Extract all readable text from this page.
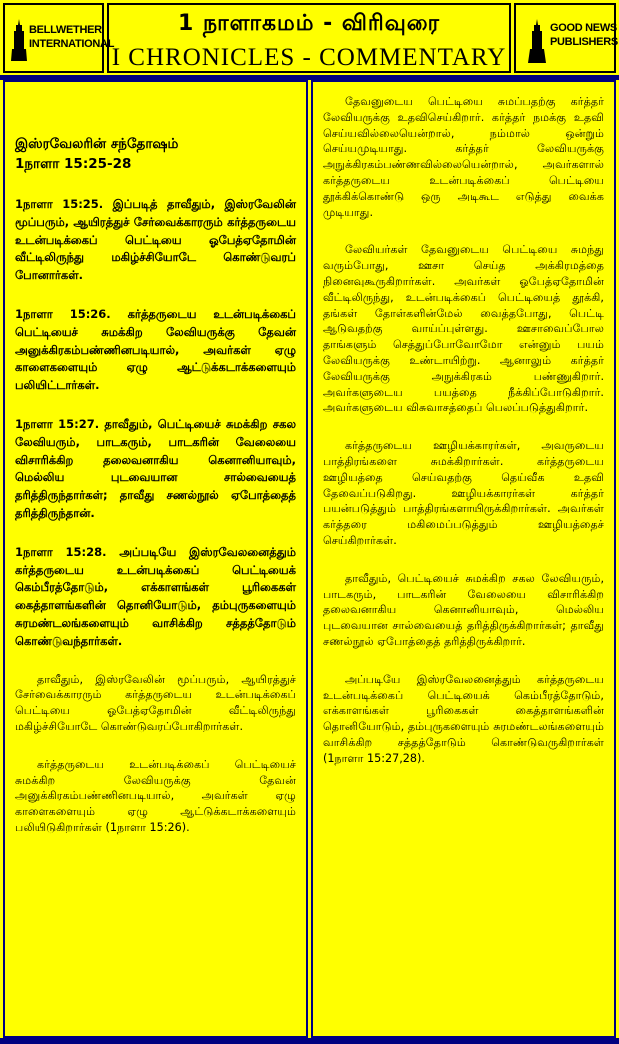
BELLWETHER
INTERNATIONAL
1 நாளாகமம் - விரிவுரை
I CHRONICLES - COMMENTARY
GOOD NEWS
PUBLISHERS
இஸ்ரவேலரின் சந்தோஷம்
1நாளா 15:25-28
1நாளா 15:25. இப்படித் தாவீதும், இஸ்ரவேலின் மூப்பரும், ஆயிரத்துச் சேர்வைக்காரரும் கர்த்தருடைய உடன்படிக்கைப் பெட்டியை ஓபேத்ஏதோமின் வீட்டிலிருந்து மகிழ்ச்சியோடே கொண்டுவரப் போனார்கள்.
1நாளா 15:26. கர்த்தருடைய உடன்படிக்கைப் பெட்டியைச் சுமக்கிற லேவியருக்கு தேவன் அனுக்கிரகம்பண்ணினபடியால், அவர்கள் ஏழு காளைகளையும் ஏழு ஆட்டுக்கடாக்களையும் பலியிட்டார்கள்.
1நாளா 15:27. தாவீதும், பெட்டியைச் சுமக்கிற சகல லேவியரும், பாடகரும், பாடகரின் வேலையை விசாரிக்கிற தலைவனாகிய கெனானியாவும், மெல்லிய புடவையான சால்வையைத் தரித்திருந்தார்கள்; தாவீது சணல்நூல் ஏபோத்தைத் தரித்திருந்தான்.
1நாளா 15:28. அப்படியே இஸ்ரவேலனைத்தும் கர்த்தருடைய உடன்படிக்கைப் பெட்டியைக் கெம்பீரத்தோடும், எக்காளங்கள் பூரிகைகள் கைத்தாளங்களின் தொனியோடும், தம்புருகளையும் சுரமண்டலங்களையும் வாசிக்கிற சத்தத்தோடும் கொண்டுவந்தார்கள்.
தாவீதும், இஸ்ரவேலின் மூப்பரும், ஆயிரத்துச் சேர்வைக்காரரும் கர்த்தருடைய உடன்படிக்கைப் பெட்டியை ஓபேத்ஏதோமின் வீட்டிலிருந்து மகிழ்ச்சியோடே கொண்டுவரப்போகிறார்கள்.
கர்த்தருடைய உடன்படிக்கைப் பெட்டியைச் சுமக்கிற லேவியருக்கு தேவன் அனுக்கிரகம்பண்ணினபடியால், அவர்கள் ஏழு காளைகளையும் ஏழு ஆட்டுக்கடாக்களையும் பலியிடுகிறார்கள் (1நாளா 15:26).
தேவனுடைய பெட்டியை சுமப்பதற்கு கர்த்தர் லேவியருக்கு உதவிசெய்கிறார். கர்த்தர் நமக்கு உதவி செய்யவில்லையென்றால், நம்மால் ஒன்றும் செய்யமுடியாது. கர்த்தர் லேவியருக்கு அநுக்கிரகம்பண்ணவில்லையென்றால், அவர்களால் கர்த்தருடைய உடன்படிக்கைப் பெட்டியை தூக்கிக்கொண்டு ஒரு அடிகூட எடுத்து வைக்க முடியாது.
லேவியர்கள் தேவனுடைய பெட்டியை சுமந்து வரும்போது, ஊசா செய்த அக்கிரமத்தை நினைவுகூருகிறார்கள். அவர்கள் ஓபேத்ஏதோமின் வீட்டிலிருந்து, உடன்படிக்கைப் பெட்டியைத் தூக்கி, தங்கள் தோள்களின்மேல் வைத்தபோது, பெட்டி ஆடுவதற்கு வாய்ப்புள்ளது. ஊசாவைப்போல தாங்களும் செத்துப்போவோமோ என்னும் பயம் லேவியருக்கு உண்டாயிற்று. ஆனாலும் கர்த்தர் லேவியருக்கு அநுக்கிரகம் பண்ணுகிறார். அவர்களுடைய பயத்தை நீக்கிப்போடுகிறார். அவர்களுடைய விசுவாசத்தைப் பெலப்படுத்துகிறார்.
கர்த்தருடைய ஊழியக்காரர்கள், அவருடைய பாத்திரங்களை சுமக்கிறார்கள். கர்த்தருடைய ஊழியத்தை செய்வதற்கு தெய்வீக உதவி தேவைப்படுகிறது. ஊழியக்காரர்கள் கர்த்தர் பயன்படுத்தும் பாத்திரங்களாயிருக்கிறார்கள். அவர்கள் கர்த்தரை மகிமைப்படுத்தும் ஊழியத்தைச் செய்கிறார்கள்.
தாவீதும், பெட்டியைச் சுமக்கிற சகல லேவியரும், பாடகரும், பாடகரின் வேலையை விசாரிக்கிற தலைவனாகிய கெனானியாவும், மெல்லிய புடவையான சால்வையைத் தரித்திருக்கிறார்கள்; தாவீது சணல்நூல் ஏபோத்தைத் தரித்திருக்கிறார்.
அப்படியே இஸ்ரவேலனைத்தும் கர்த்தருடைய உடன்படிக்கைப் பெட்டியைக் கெம்பீரத்தோடும், எக்காளங்கள் பூரிகைகள் கைத்தாளங்களின் தொனியோடும், தம்புருகளையும் சுரமண்டலங்களையும் வாசிக்கிற சத்தத்தோடும் கொண்டுவருகிறார்கள் (1நாளா 15:27,28).
